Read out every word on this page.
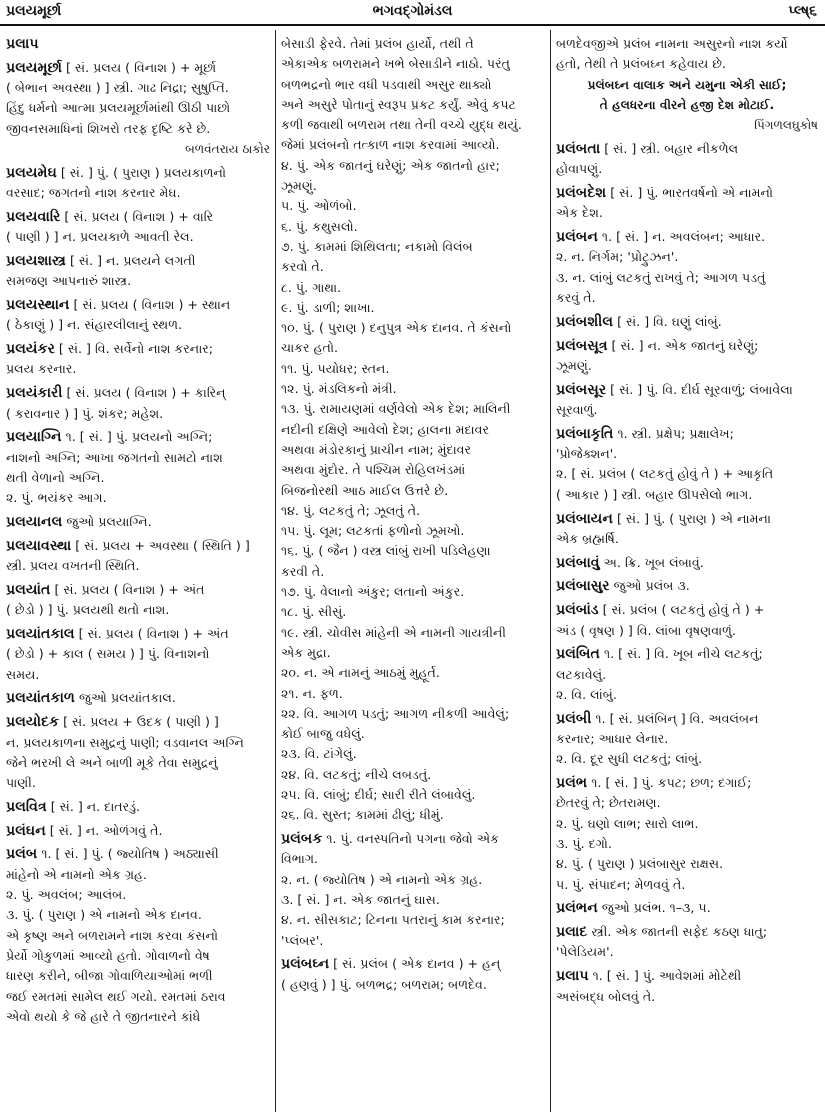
પ્રલયમૂર્છા	ભગવદ્ગોમંડલ	પ્લ્ષ્૬
પ્રલાપ
પ્રલયમૂર્છા [ સં. પ્રલય ( વિનાશ ) + મૂર્છા
( બેભાન અવસ્થા ) ] સ્ત્રી. ગાઢ નિદ્રા; સુષુપ્તિ.
હિંદુ ધર્મનો આત્મા પ્રલયમૂર્છામાંથી ઊઠી પાછો
જીવનસમાધિનાં શિખરો તરફ દૃષ્ટિ કરે છે.
બળવંતરાય ઠાકોર
પ્રલયમેઘ [ સં. ] પું. ( પુરાણ ) પ્રલયકાળનો
વરસાદ; જગતનો નાશ કરનાર મેઘ.
પ્રલયવારિ [ સં. પ્રલય ( વિનાશ ) + વારિ
( પાણી ) ] ન. પ્રલયકાળે આવતી રેલ.
પ્રલયશાસ્ત્ર [ સં. ] ન. પ્રલયને લગતી
સમજણ આપનારું શાસ્ત્ર.
પ્રલયસ્થાન [ સં. પ્રલય ( વિનાશ ) + સ્થાન
( ઠેકાણું ) ] ન. સંહારલીલાનું સ્થળ.
પ્રલયંકર [ સં. ] વિ. સર્વેનો નાશ કરનાર;
પ્રલય કરનાર.
પ્રલયંકારી [ સં. પ્રલય ( વિનાશ ) + કારિન્
( કરાવનાર ) ] પું. શંકર; મહેશ.
પ્રલયાગ્નિ ૧. [ સં. ] પું. પ્રલયનો અગ્નિ;
નાશનો અગ્નિ; આખા જગતનો સામટો નાશ
થતી વેળાનો અગ્નિ.
૨. પું. ભયંકર આગ.
પ્રલયાનલ જુઓ પ્રલયાગ્નિ.
પ્રલયાવસ્થા [ સં. પ્રલય + અવસ્થા ( સ્થિતિ ) ]
સ્ત્રી. પ્રલય વખતની સ્થિતિ.
પ્રલયાંત [ સં. પ્રલય ( વિનાશ ) + અંત
( છેડો ) ] પું. પ્રલયથી થતો નાશ.
પ્રલયાંતકાલ [ સં. પ્રલય ( વિનાશ ) + અંત
( છેડો ) + કાલ ( સમય ) ] પું. વિનાશનો
સમય.
પ્રલયાંતકાળ જુઓ પ્રલયાંતકાલ.
પ્રલયોદક [ સં. પ્રલય + ઉદક ( પાણી ) ]
ન. પ્રલયકાળના સમુદ્રનું પાણી; વડવાનલ અગ્નિ
જેને ભરખી લે અને બાળી મૂકે તેવા સમુદ્રનું
પાણી.
પ્રલવિત્ર [ સં. ] ન. દાતરડું.
પ્રલંઘન [ સં. ] ન. ઓળંગવું તે.
પ્રલંબ ૧. [ સં. ] પું. ( જ્યોતિષ ) અઠ્યાસી
માંહેનો એ નામનો એક ગ્રહ.
૨. પું. અવલંબ; આલંબ.
૩. પું. ( પુરાણ ) એ નામનો એક દાનવ.
એ કૃષ્ણ અને બળરામને નાશ કરવા કંસનો
પ્રેર્યો ગોકુળમાં આવ્યો હતો. ગોવાળનો વેષ
ધારણ કરીને, બીજા ગોવાળિયાઓમાં ભળી
જઈ રમતમાં સામેલ થઈ ગયો. રમતમાં ઠરાવ
એવો થયો કે જે હારે તે જીતનારને કાંધે
બેસાડી ફેરવે. તેમાં પ્રલંબ હાર્યો, તથી તે
એકાએક બળરામને ખભે બેસાડીને નાઠો. પરંતુ
બળભદ્રનો ભાર વધી પડવાથી અસુર થાક્યો
અને અસુરે પોતાનું સ્વરૂપ પ્રકટ કર્યું. એવું કપટ
કળી જવાથી બળરામ તથા તેની વચ્ચે યુદ્ધ થયું.
જેમાં પ્રલંબનો તત્કાળ નાશ કરવામાં આવ્યો.
૪. પું. એક જાતનું ઘરેણું; એક જાતનો હાર;
ઝૂમણું.
૫. પું. ઓળંબો.
૬. પું. કથુસલો.
૭. પું. કામમાં શિથિલતા; નકામો વિલંબ
કરવો તે.
૮. પું. ગાથા.
૯. પું. ડાળી; શાખા.
૧૦. પું. ( પુરાણ ) દનુપુત્ર એક દાનવ. તે કંસનો
ચાકર હતો.
૧૧. પું. પયોધર; સ્તન.
૧૨. પું. મંડલિકનો મંત્રી.
૧૩. પું. રામાયણમાં વર્ણવેલો એક દેશ; માલિની
નદીની દક્ષિણે આવેલો દેશ; હાલના મદાવર
અથવા મંડોરકાનું પ્રાચીન નામ; મુંદાવર
અથવા મુંદોર. તે પશ્ચિમ રોહિલખંડમાં
બિજનોરથી આઠ માઈલ ઉત્તરે છે.
૧૪. પું. લટકતું તે; ઝૂલતું તે.
૧૫. પું. લૂમ; લટકતાં ફળોનો ઝૂમખો.
૧૬. પું. ( જૈન ) વસ્ત્ર લાંબું રાખી પડિલેહણા
કરવી તે.
૧૭. પું. વેલાનો અંકુર; લતાનો અંકુર.
૧૮. પું. સીસું.
૧૯. સ્ત્રી. ચોવીસ માંહેની એ નામની ગાયત્રીની
એક મુદ્રા.
૨૦. ન. એ નામનું આઠમું મુહૂર્ત.
૨૧. ન. ફળ.
૨૨. વિ. આગળ પડતું; આગળ નીકળી આવેલું;
કોઈ બાજુ વધેલું.
૨૩. વિ. ટાંગેલું.
૨૪. વિ. લટકતું; નીચે લબડતું.
૨૫. વિ. લાંબું; દીર્ઘ; સારી રીતે લંબાવેલું.
૨૬. વિ. સુસ્ત; કામમાં ઢીલું; ધીમું.
પ્રલંબક ૧. પું. વનસ્પતિનો પગના જેવો એક
વિભાગ.
૨. ન. ( જ્યોતિષ ) એ નામનો એક ગ્રહ.
૩. [ સં. ] ન. એક જાતનું ઘાસ.
૪. ન. સીસકાટ; ટિનના પતરાનું કામ કરનાર;
'પ્લંબર'.
પ્રલંબઘ્ન [ સં. પ્રલંબ ( એક દાનવ ) + હન્
( હણવું ) ] પું. બળભદ્ર; બળરામ; બળદેવ.
બળદેવજીએ પ્રલંબ નામના અસુરનો નાશ કર્યો
હતો, તેથી તે પ્રલંબઘ્ન કહેવાય છે.
પ્રલંબઘ્ન વાલાક અને યમુના એકી સાઈ;
તે હલધરના વીરને હજી દેશ મોટાઈ.
પિંગળલઘુકોષ
પ્રલંબતા [ સં. ] સ્ત્રી. બહાર નીકળેલ
હોવાપણું.
પ્રલંબદેશ [ સં. ] પું. ભારતવર્ષનો એ નામનો
એક દેશ.
પ્રલંબન ૧. [ સં. ] ન. અવલંબન; આધાર.
૨. ન. નિર્ગમ; 'પ્રોટ્રુઝન'.
૩. ન. લાંબું લટકતું રાખવું તે; આગળ પડતું
કરવું તે.
પ્રલંબશીલ [ સં. ] વિ. ઘણું લાંબું.
પ્રલંબસૂત્ર [ સં. ] ન. એક જાતનું ઘરેણું;
ઝૂમણું.
પ્રલંબસૂર [ સં. ] પું. વિ. દીર્ઘ સૂરવાળું; લંબાવેલા
સૂરવાળું.
પ્રલંબાકૃતિ ૧. સ્ત્રી. પ્રક્ષેપ; પ્રક્ષાલેખ;
'પ્રોજેક્શન'.
૨. [ સં. પ્રલંબ ( લટકતું હોવું તે ) + આકૃતિ
( આકાર ) ] સ્ત્રી. બહાર ઊપસેલો ભાગ.
પ્રલંબાયન [ સં. ] પું. ( પુરાણ ) એ નામના
એક બ્રહ્મર્ષિ.
પ્રલંબાવું અ. ક્રિ. ખૂબ લંબાવું.
પ્રલંબાસુર જુઓ પ્રલંબ ૩.
પ્રલંબાંડ [ સં. પ્રલંબ ( લટકતું હોવું તે ) +
અંડ ( વૃષણ ) ] વિ. લાંબા વૃષણવાળું.
પ્રલંબિત ૧. [ સં. ] વિ. ખૂબ નીચે લટકતું;
લટકાવેલું.
૨. વિ. લાંબું.
પ્રલંબી ૧. [ સં. પ્રલંબિન્ ] વિ. અવલંબન
કરનાર; આધાર લેનાર.
૨. વિ. દૂર સુધી લટકતું; લાંબું.
પ્રલંભ ૧. [ સં. ] પું. કપટ; છળ; દગાઈ;
છેતરવું તે; છેતરામણ.
૨. પું. ઘણો લાભ; સારો લાભ.
૩. પું. દગો.
૪. પું. ( પુરાણ ) પ્રલંબાસુર રાક્ષસ.
૫. પું. સંપાદન; મેળવવું તે.
પ્રલંભન જુઓ પ્રલંભ. ૧–૩, ૫.
પ્રલાદ સ્ત્રી. એક જાતની સફેદ કઠણ ધાતુ;
'પેલેડિયમ'.
પ્રલાપ ૧. [ સં. ] પું. આવેશમાં મોટેથી
અસંબદ્ધ બોલવું તે.
